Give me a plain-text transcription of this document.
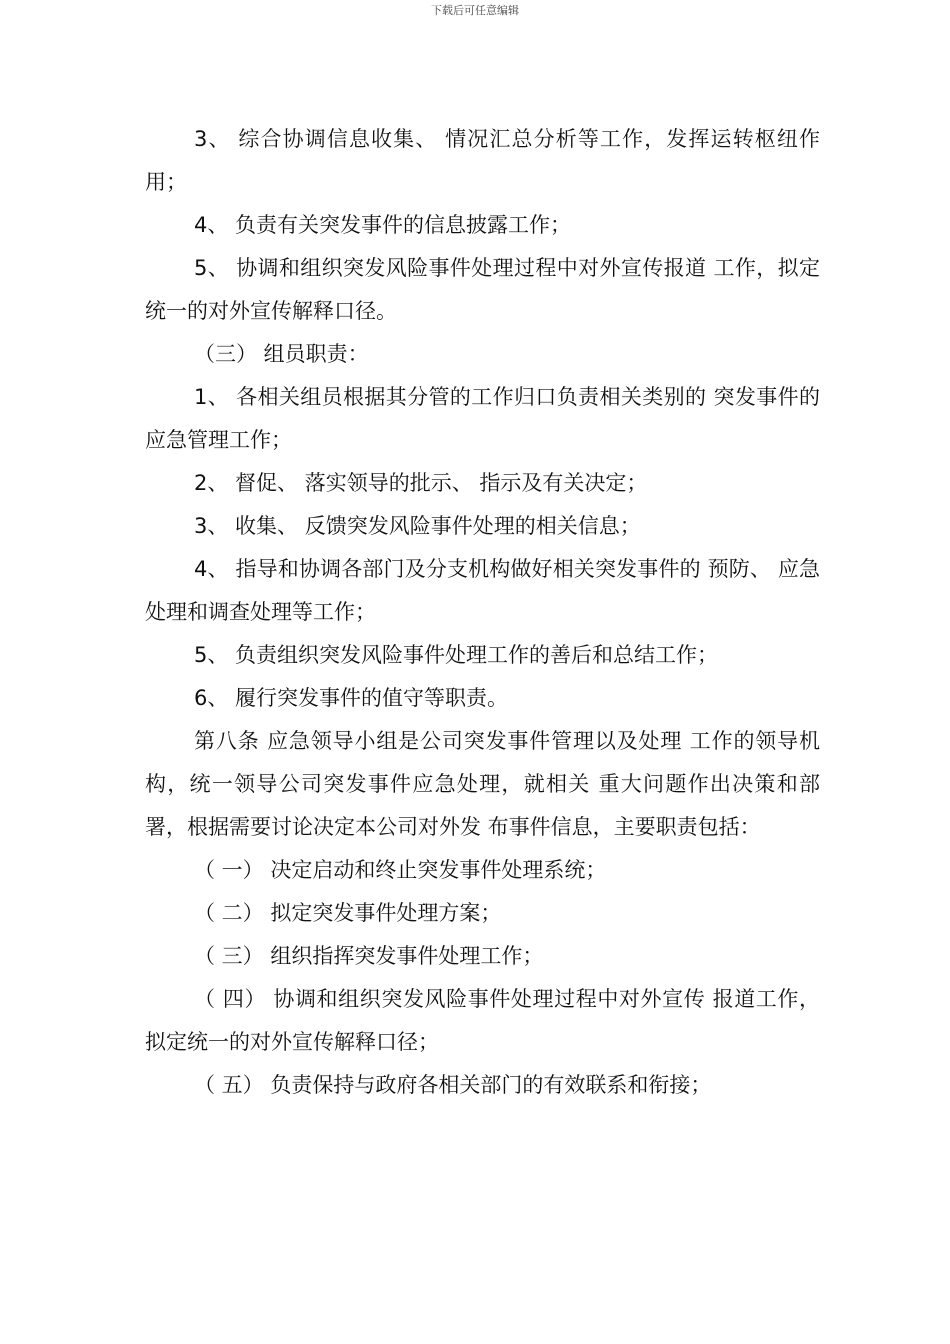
下载后可任意编辑

3、 综合协调信息收集、 情况汇总分析等工作，发挥运转枢纽作用；

4、 负责有关突发事件的信息披露工作；

5、 协调和组织突发风险事件处理过程中对外宣传报道 工作，拟定统一的对外宣传解释口径。

（三） 组员职责：

1、 各相关组员根据其分管的工作归口负责相关类别的 突发事件的应急管理工作；

2、 督促、 落实领导的批示、 指示及有关决定；

3、 收集、 反馈突发风险事件处理的相关信息；

4、 指导和协调各部门及分支机构做好相关突发事件的 预防、 应急处理和调查处理等工作；

5、 负责组织突发风险事件处理工作的善后和总结工作；

6、 履行突发事件的值守等职责。

第八条 应急领导小组是公司突发事件管理以及处理 工作的领导机构，统一领导公司突发事件应急处理，就相关 重大问题作出决策和部署，根据需要讨论决定本公司对外发 布事件信息，主要职责包括：

（ 一） 决定启动和终止突发事件处理系统；

（ 二） 拟定突发事件处理方案；

（ 三） 组织指挥突发事件处理工作；

（ 四） 协调和组织突发风险事件处理过程中对外宣传 报道工作，拟定统一的对外宣传解释口径；

（ 五） 负责保持与政府各相关部门的有效联系和衔接；
